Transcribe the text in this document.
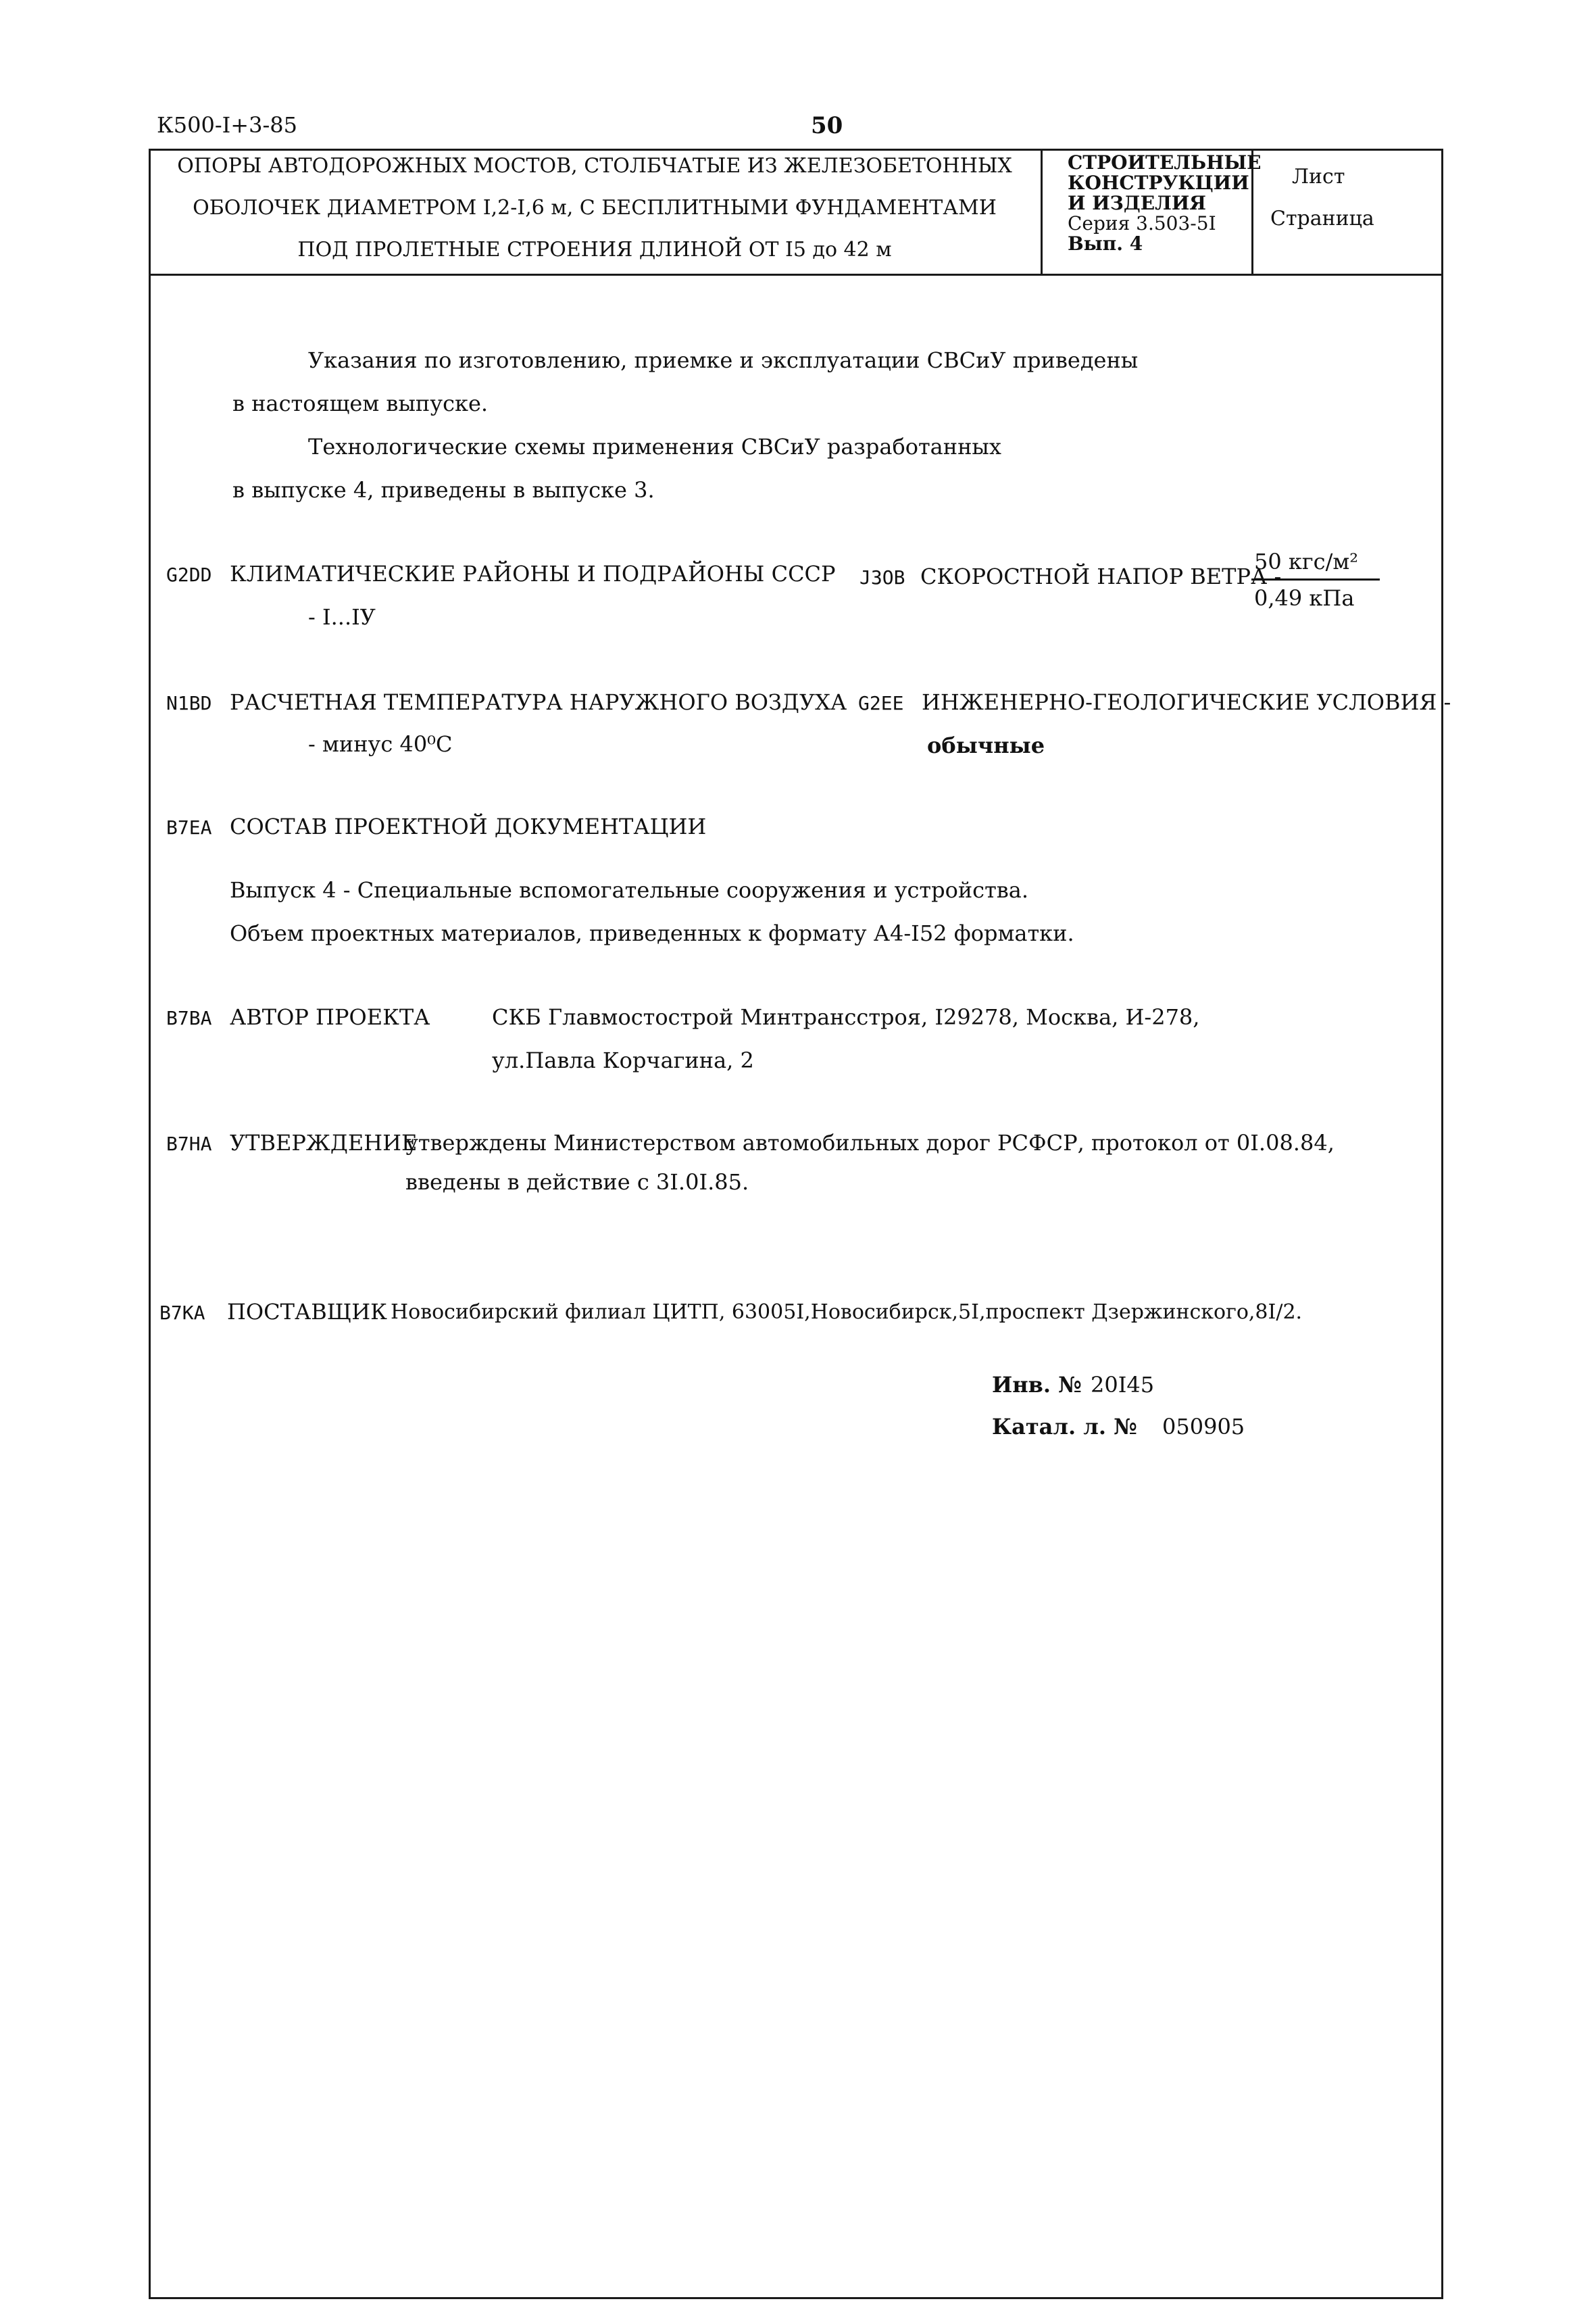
К500-I+3-85	50
ОПОРЫ АВТОДОРОЖНЫХ МОСТОВ, СТОЛБЧАТЫЕ ИЗ ЖЕЛЕЗОБЕТОННЫХ
ОБОЛОЧЕК ДИАМЕТРОМ I,2-I,6 м, С БЕСПЛИТНЫМИ ФУНДАМЕНТАМИ
ПОД ПРОЛЕТНЫЕ СТРОЕНИЯ ДЛИНОЙ ОТ I5 до 42 м
СТРОИТЕЛЬНЫЕ
КОНСТРУКЦИИ
И ИЗДЕЛИЯ
Серия 3.503-5I
Вып. 4
Лист
Страница
Указания по изготовлению, приемке и эксплуатации СВСиУ приведены
в настоящем выпуске.
Технологические схемы применения СВСиУ разработанных
в выпуске 4, приведены в выпуске 3.
G2DD КЛИМАТИЧЕСКИЕ РАЙОНЫ И ПОДРАЙОНЫ СССР
- I...IУ
J3OB СКОРОСТНОЙ НАПОР ВЕТРА -
50 кгс/м²
0,49 кПа
N1BD РАСЧЕТНАЯ ТЕМПЕРАТУРА НАРУЖНОГО ВОЗДУХА
- минус 40⁰С
G2EE ИНЖЕНЕРНО-ГЕОЛОГИЧЕСКИЕ УСЛОВИЯ -
обычные
B7EA СОСТАВ ПРОЕКТНОЙ ДОКУМЕНТАЦИИ
Выпуск 4 - Специальные вспомогательные сооружения и устройства.
Объем проектных материалов, приведенных к формату А4-I52 форматки.
B7BA АВТОР ПРОЕКТА	СКБ Главмостострой Минтрансстроя, I29278, Москва, И-278,
ул.Павла Корчагина, 2
B7HA УТВЕРЖДЕНИЕ
утверждены Министерством автомобильных дорог РСФСР, протокол от 0I.08.84,
введены в действие с 3I.0I.85.
B7KA ПОСТАВЩИК Новосибирский филиал ЦИТП, 63005I,Новосибирск,5I,проспект Дзержинского,8I/2.
Инв. № 20I45
Катал. л. № 050905
